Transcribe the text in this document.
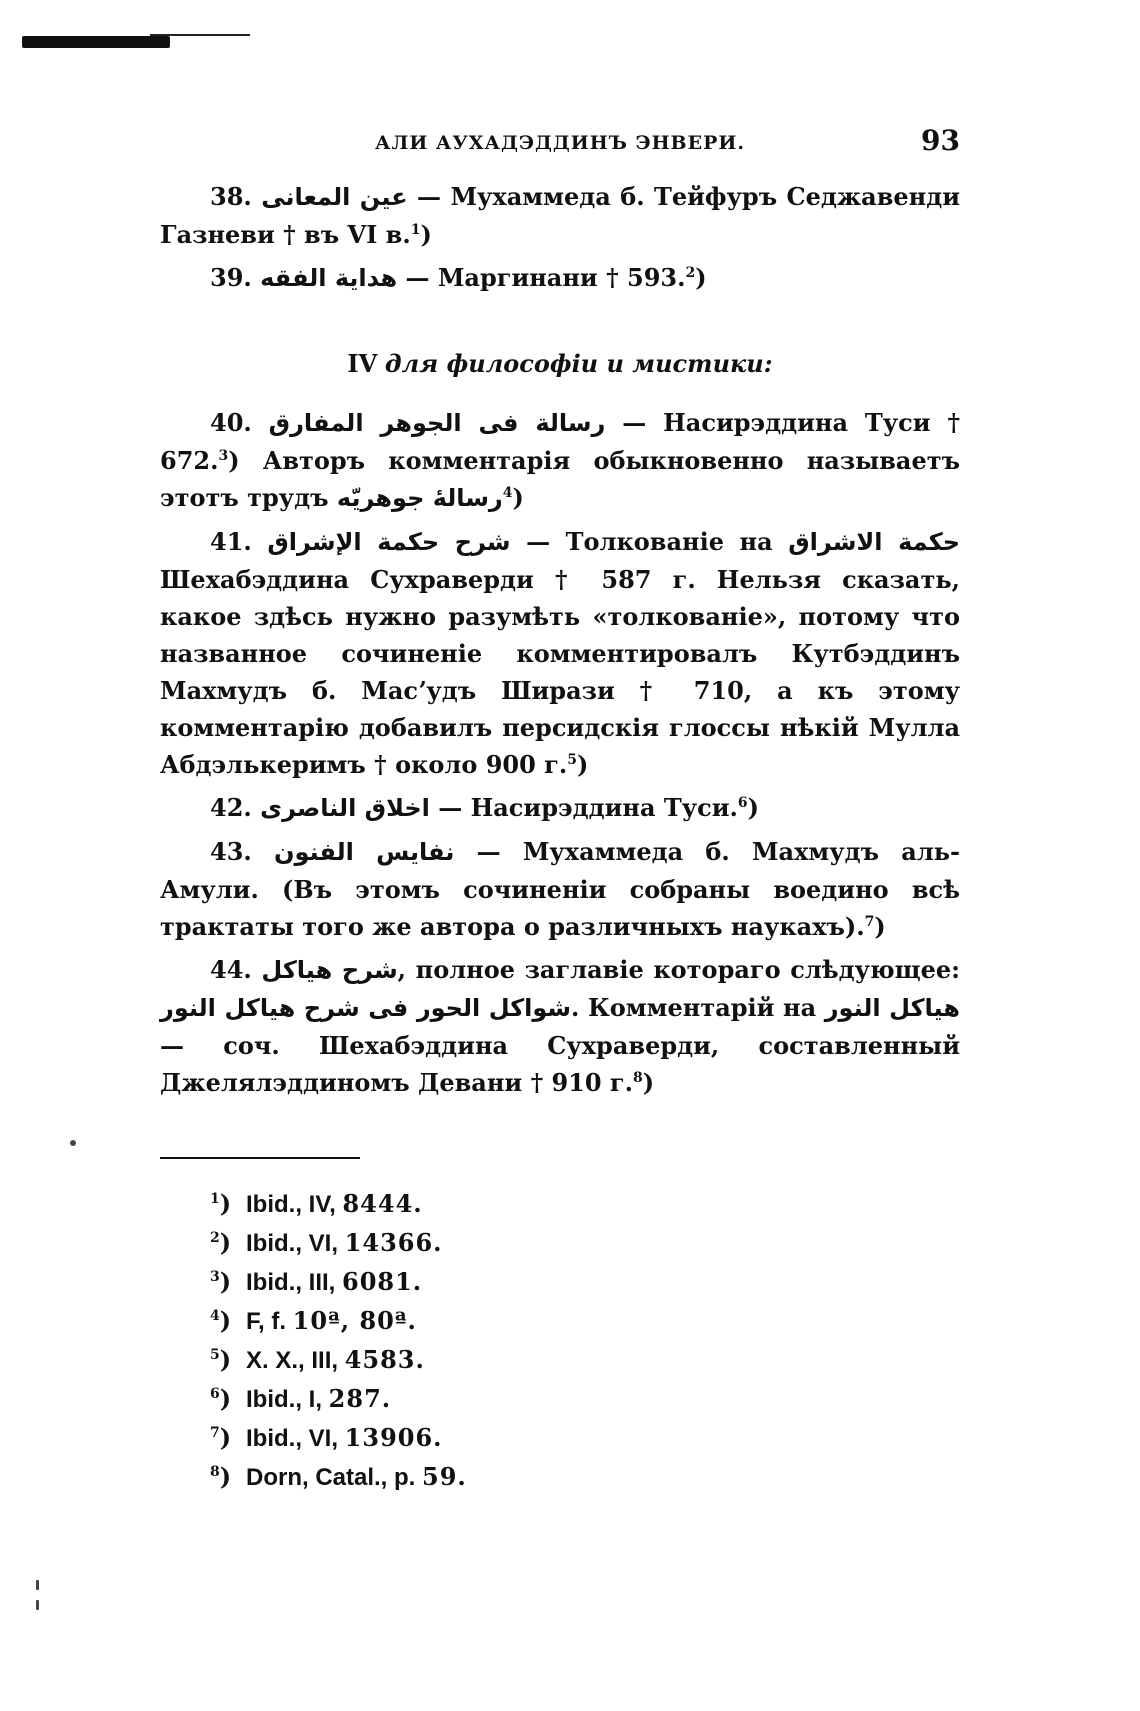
АЛИ АУХАДЭДДИНЪ ЭНВЕРИ.	93

38. عين المعانى — Мухаммеда б. Тейфуръ Седжавенди Газневи † въ VI в.$^1$)

39. هداية الفقه — Маргинани † 593.$^2$)

IV для философіи и мистики:

40. رسالة فى الجوهر المفارق — Насирэддина Туси † 672.$^3$) Авторъ комментарія обыкновенно называетъ этотъ трудъ رسالهٔ جوهريّه$^4$)

41. شرح حكمة الإشراق — Толкованіе на حكمة الاشراق Шехабэддина Сухраверди † 587 г. Нельзя сказать, какое здѣсь нужно разумѣть «толкованіе», потому что названное сочиненіе комментировалъ Кутбэддинъ Махмудъ б. Масʼудъ Ширази † 710, а къ этому комментарію добавилъ персидскія глоссы нѣкій Мулла Абдэлькеримъ † около 900 г.$^5$)

42. اخلاق الناصرى — Насирэддина Туси.$^6$)

43. نفايس الفنون — Мухаммеда б. Махмудъ аль-Амули. (Въ этомъ сочиненіи собраны воедино всѣ трактаты того же автора о различныхъ наукахъ).$^7$)

44. شرح هياكل, полное заглавіе котораго слѣдующее: شواكل الحور فى شرح هياكل النور. Комментарій на هياكل النور — соч. Шехабэддина Сухраверди, составленный Джелялэддиномъ Девани † 910 г.$^8$)

$^1$) Ibid., IV, 8444.
$^2$) Ibid., VI, 14366.
$^3$) Ibid., III, 6081.
$^4$) F, f. 10ª, 80ª.
$^5$) X. X., III, 4583.
$^6$) Ibid., I, 287.
$^7$) Ibid., VI, 13906.
$^8$) Dorn, Catal., p. 59.
